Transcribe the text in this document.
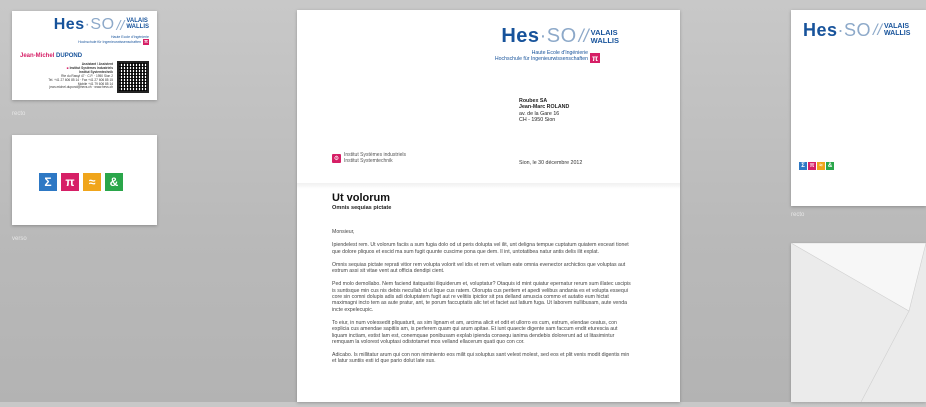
Hes·SO // VALAIS
WALLIS
Haute Ecole d'Ingénierie
Hochschule für Ingenieurwissenschaften π
Jean-Michel DUPOND
Assistant / Assistent
■ Institut Systèmes industriels
Institut Systemtechnik
Rte du Rawyl 47 · C.P. · 1950 Sion 2
Tel. +41 27 606 85 14 · Fax +41 27 606 85 15
Mobile +41 79 606 85 14
jean-michel.dupond@hevs.ch · www.hevs.ch
recto
Σ	π	≈	&
verso
Hes·SO // VALAIS
WALLIS
Haute Ecole d'Ingénierie
Hochschule für Ingenieurwissenschaften π
Roubex SA
Jean-Marc ROLAND
av. de la Gare 16
CH - 1950 Sion
⚙
Institut Systèmes industriels
Institut Systemtechnik	Sion, le 30 décembre 2012
Ut volorum
Omnis sequias pictate

Monsieur,

Ipiendelest rem. Ut volorum faciis a sum fugia dolo od ut peris dolupta vel ilit, unt deligna tempue cuptatum quiatem exceari tionet que dolore pliquos et escid ma sum fugit quunte cuscime pona que dem. Il int, untotatibea natur antis delis ilit explat.

Omnis sequias pictate reprati vitior rem volupta volorit vel idis et rem et veliam eate omnia evenector archictios que voluptas aut estrum assi sit vitae vent aut officia dendipi cient.

Ped molo demollabo. Nem faciend itatquatisi iliquiderum et, voluptatur? Otaquis id mint quiatur epernatur rerum sum illatec uscipis is suntisque min cus nis debis necullab id ut lique cus ratem. Olorupta cus peritem et apedi velibus andania es et volupta essequi core sin comni dolupis adis adi doluptatem fugit aut re velitiis ipictior sit pra delland amuscia commo et autatio eum hictat maximagni incto tem as aute pratur, ant, te porum faccuptatis alic tet et faciet aut latium fuga. Ut laborem nullibusam, aute venda incte expelecupic.

To eiur, in num volessedit pliquaturit, as sim lignam et am, arcima alicit et odit et ullorro es cum, estrum, elendae ceatus, con explicia cus amendae sapitiis am, is perferem quam qui arum apitae. Et iunt quaecte digente sam faccum endit eturescia aut liquam inctiam, estist lam est, conemquae ponibusam explab ipienda consequ ianima dendebis dolorerunt ad ut litasimintur remquam la volorest voluptasi odistotamet mos velland ellacerum quati quo con cor.

Adicabo. Is millitatur arum qui con non niminiento eos milit qui soluptus sant velest molest, sed eos et plit venis modit digentis min et latur suntiis esti id que pario dolut late sus.

Hes·SO // VALAIS
WALLIS
Σ π ≈ &
recto
